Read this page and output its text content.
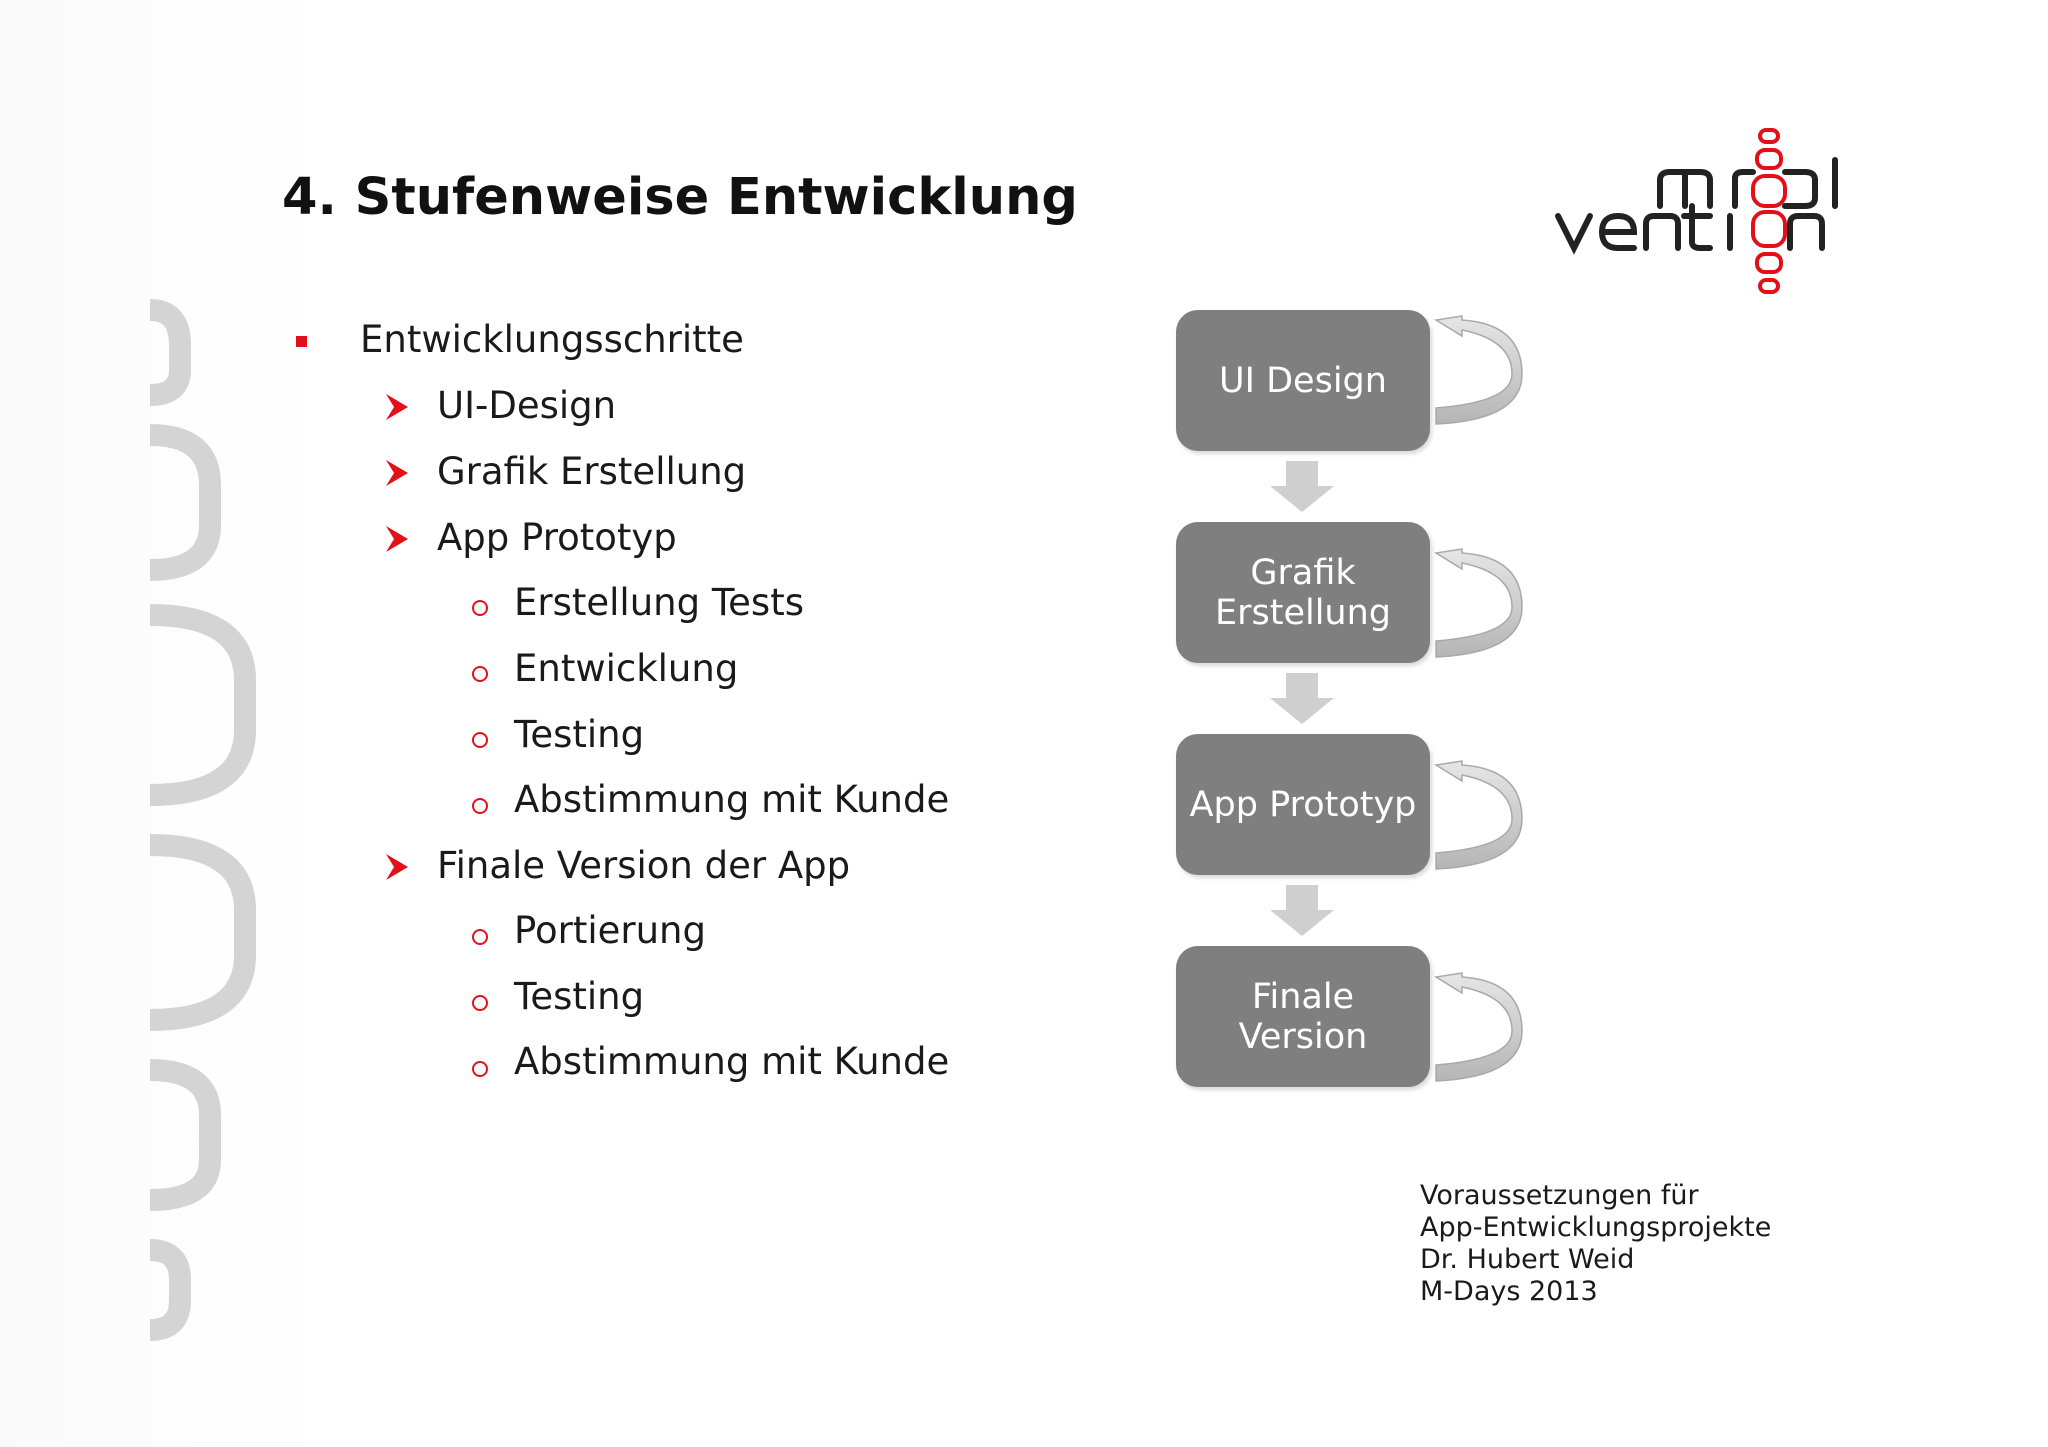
4. Stufenweise Entwicklung
Entwicklungsschritte
UI-Design
Grafik Erstellung
App Prototyp
Erstellung Tests
Entwicklung
Testing
Abstimmung mit Kunde
Finale Version der App
Portierung
Testing
Abstimmung mit Kunde
UI Design
Grafik Erstellung
App Prototyp
Finale Version
Voraussetzungen für
App-Entwicklungsprojekte
Dr. Hubert Weid
M-Days 2013
